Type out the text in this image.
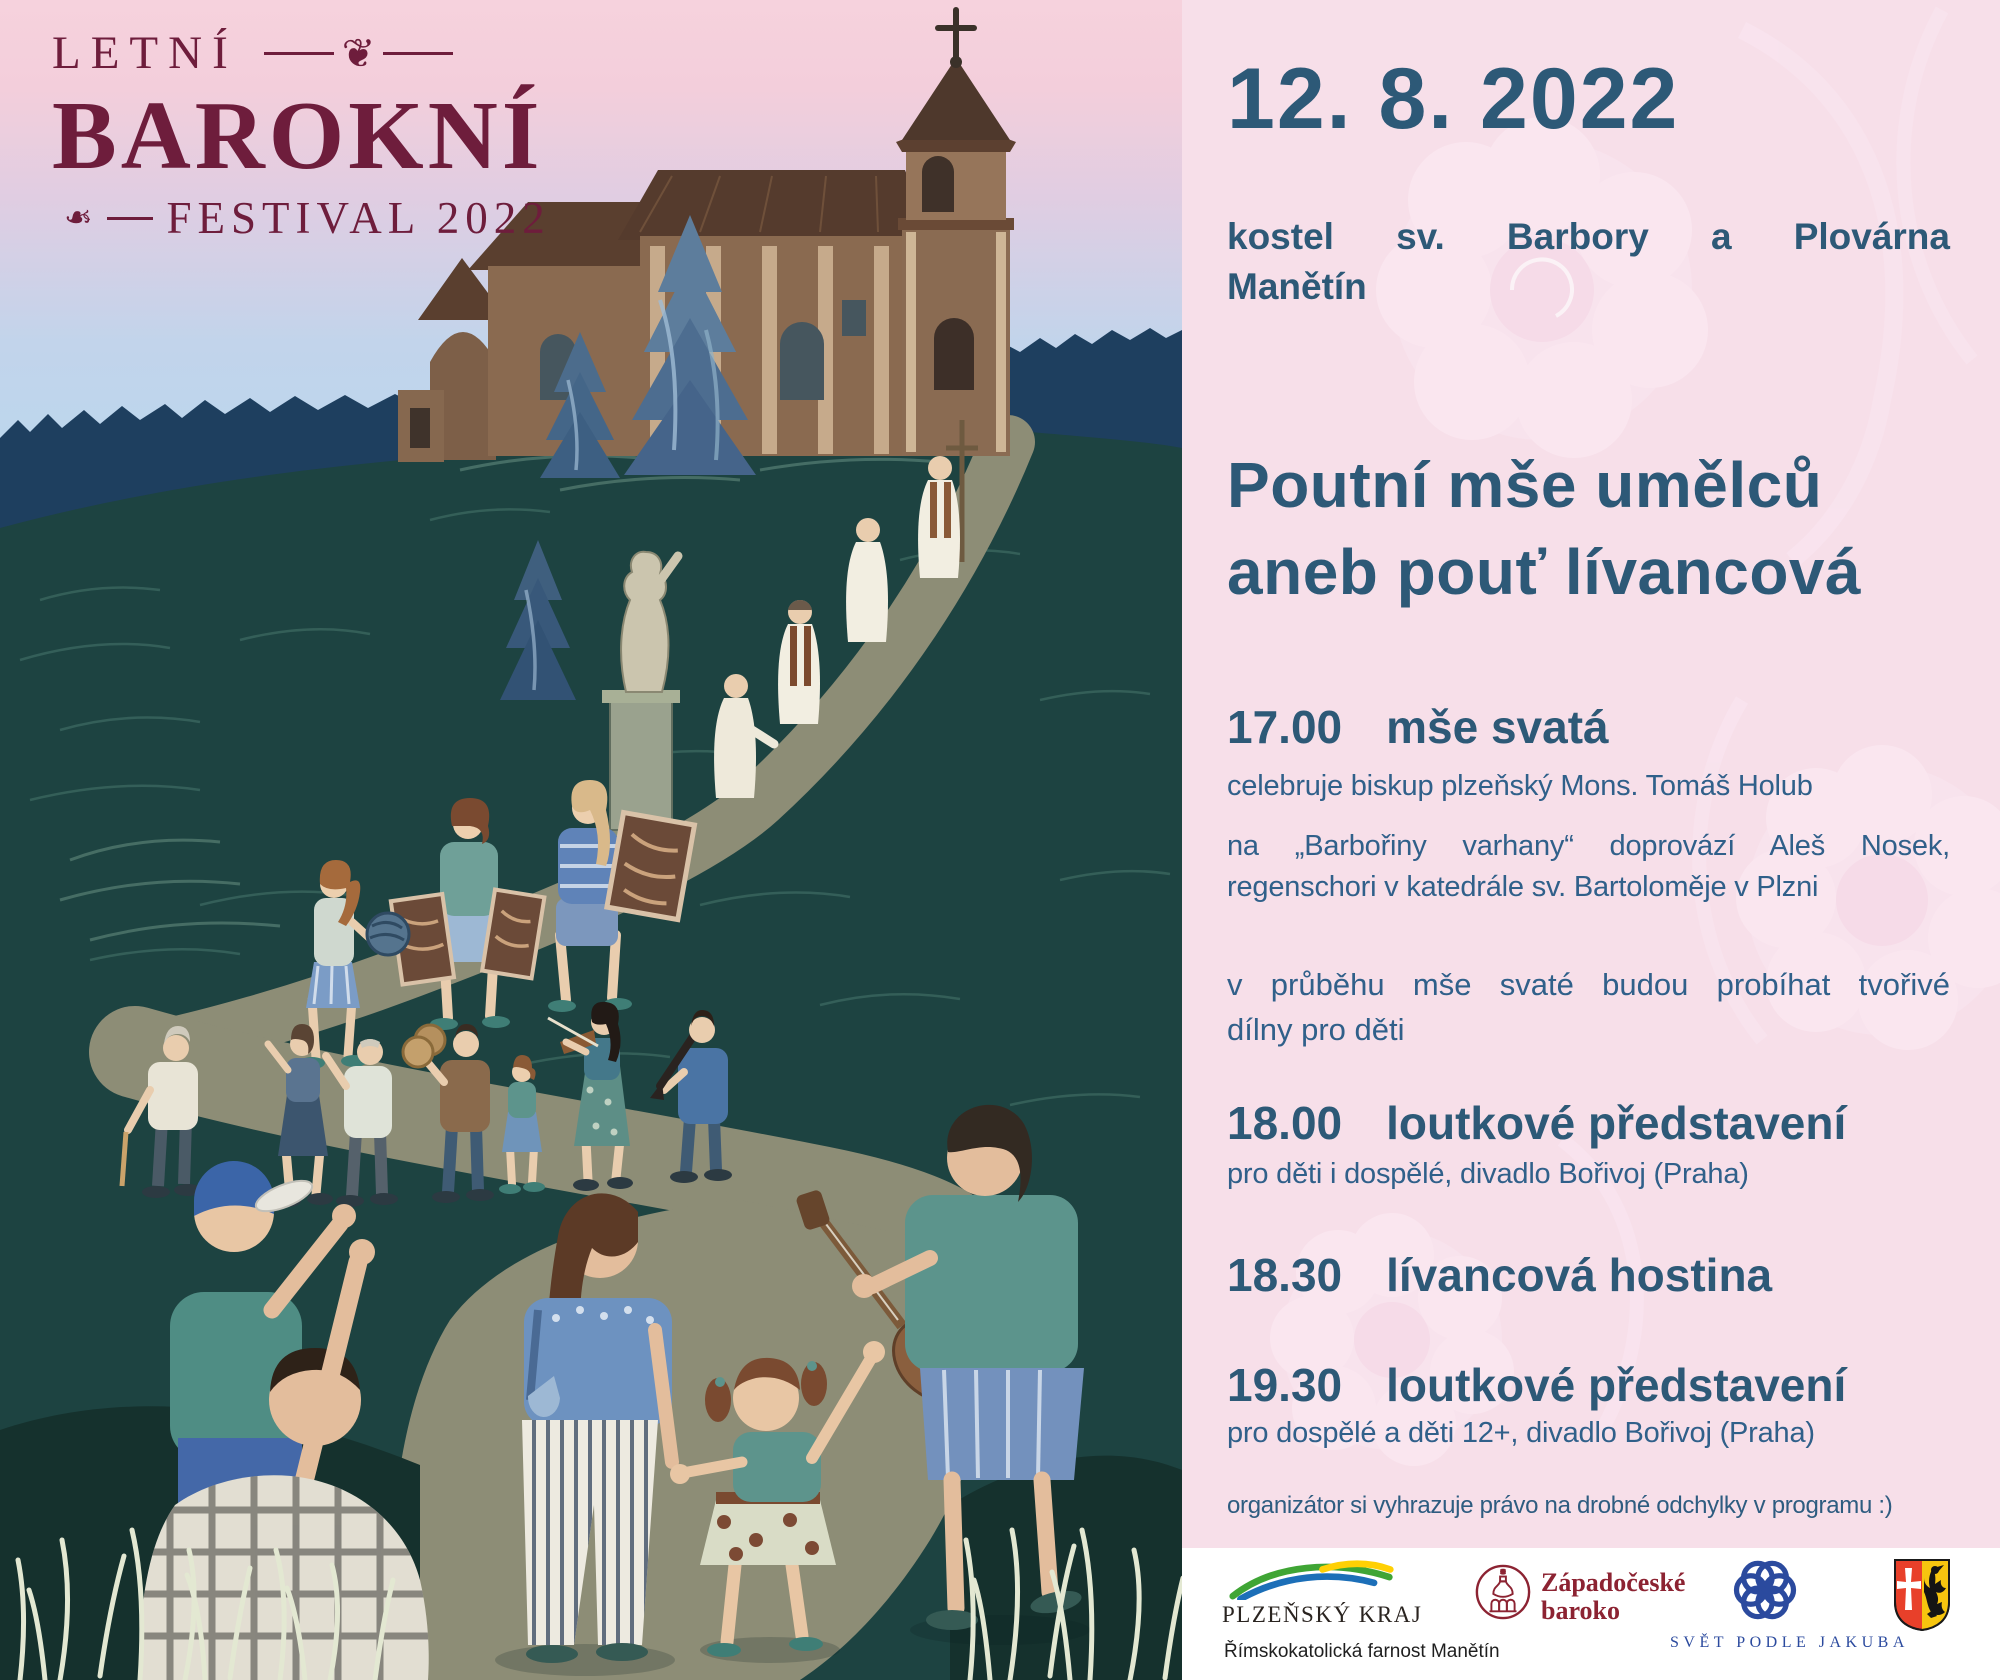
LETNÍ	❦
BAROKNÍ
❧ FESTIVAL 2022
12. 8. 2022
kostel sv. Barbory a Plovárna
Manětín
Poutní mše umělců
aneb pouť lívancová
17.00 mše svatá
celebruje biskup plzeňský Mons. Tomáš Holub
na „Barbořiny varhany“ doprovází Aleš Nosek,
regenschori v katedrále sv. Bartoloměje v Plzni
v průběhu mše svaté budou probíhat tvořivé
dílny pro děti
18.00 loutkové představení
pro děti i dospělé, divadlo Bořivoj (Praha)
18.30 lívancová hostina
19.30 loutkové představení
pro dospělé a děti 12+, divadlo Bořivoj (Praha)
organizátor si vyhrazuje právo na drobné odchylky v programu :)
PLZEŇSKÝ KRAJ
Římskokatolická farnost Manětín
Západočeské
baroko
SVĚT PODLE JAKUBA
